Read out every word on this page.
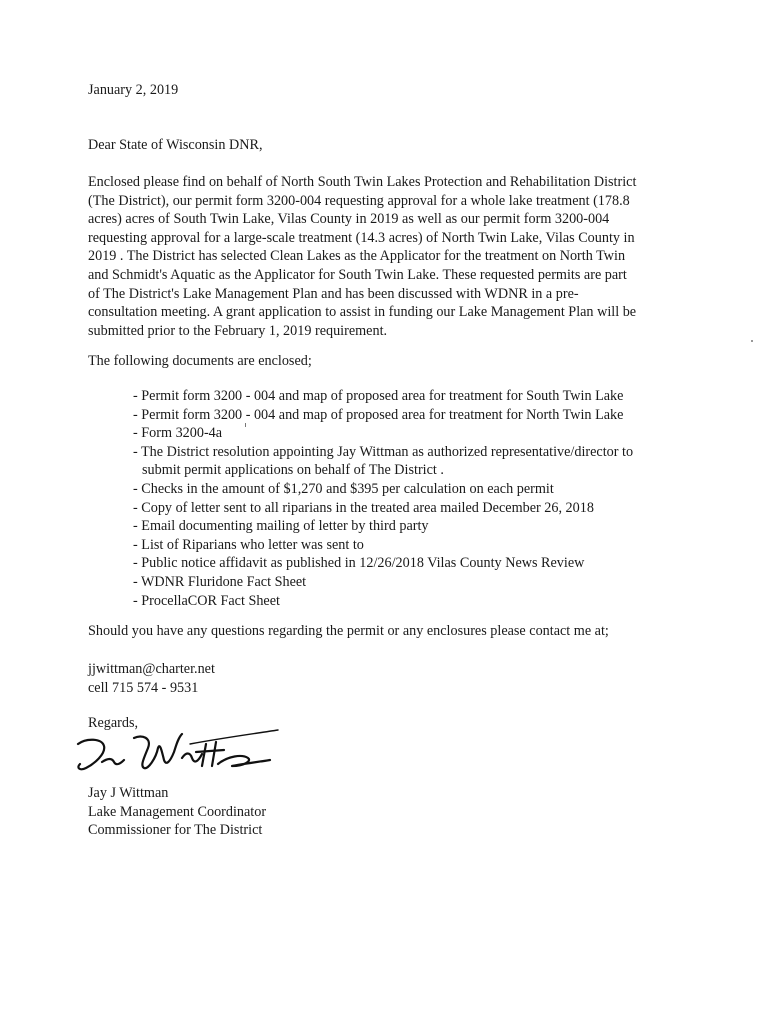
January 2, 2019
Dear State of Wisconsin DNR,

Enclosed please find on behalf of North South Twin Lakes Protection and Rehabilitation District

(The District), our permit form 3200-004 requesting approval for a whole lake treatment (178.8

acres) acres of South Twin Lake, Vilas County in 2019 as well as our permit form 3200-004

requesting approval for a large-scale treatment (14.3 acres) of North Twin Lake, Vilas County in

2019 . The District has selected Clean Lakes as the Applicator for the treatment on North Twin

and Schmidt's Aquatic as the Applicator for South Twin Lake. These requested permits are part

of The District's Lake Management Plan and has been discussed with WDNR in a pre-

consultation meeting. A grant application to assist in funding our Lake Management Plan will be

submitted prior to the February 1, 2019 requirement.

The following documents are enclosed;
- Permit form 3200 - 004 and map of proposed area for treatment for South Twin Lake
- Permit form 3200 - 004 and map of proposed area for treatment for North Twin Lake
- Form 3200-4a
- The District resolution appointing Jay Wittman as authorized representative/director to
submit permit applications on behalf of The District .
- Checks in the amount of $1,270 and $395 per calculation on each permit
- Copy of letter sent to all riparians in the treated area mailed December 26, 2018
- Email documenting mailing of letter by third party
- List of Riparians who letter was sent to
- Public notice affidavit as published in 12/26/2018 Vilas County News Review
- WDNR Fluridone Fact Sheet
- ProcellaCOR Fact Sheet
Should you have any questions regarding the permit or any enclosures please contact me at;
jjwittman@charter.net
cell 715 574 - 9531
Regards,
Jay J Wittman
Lake Management Coordinator
Commissioner for The District
